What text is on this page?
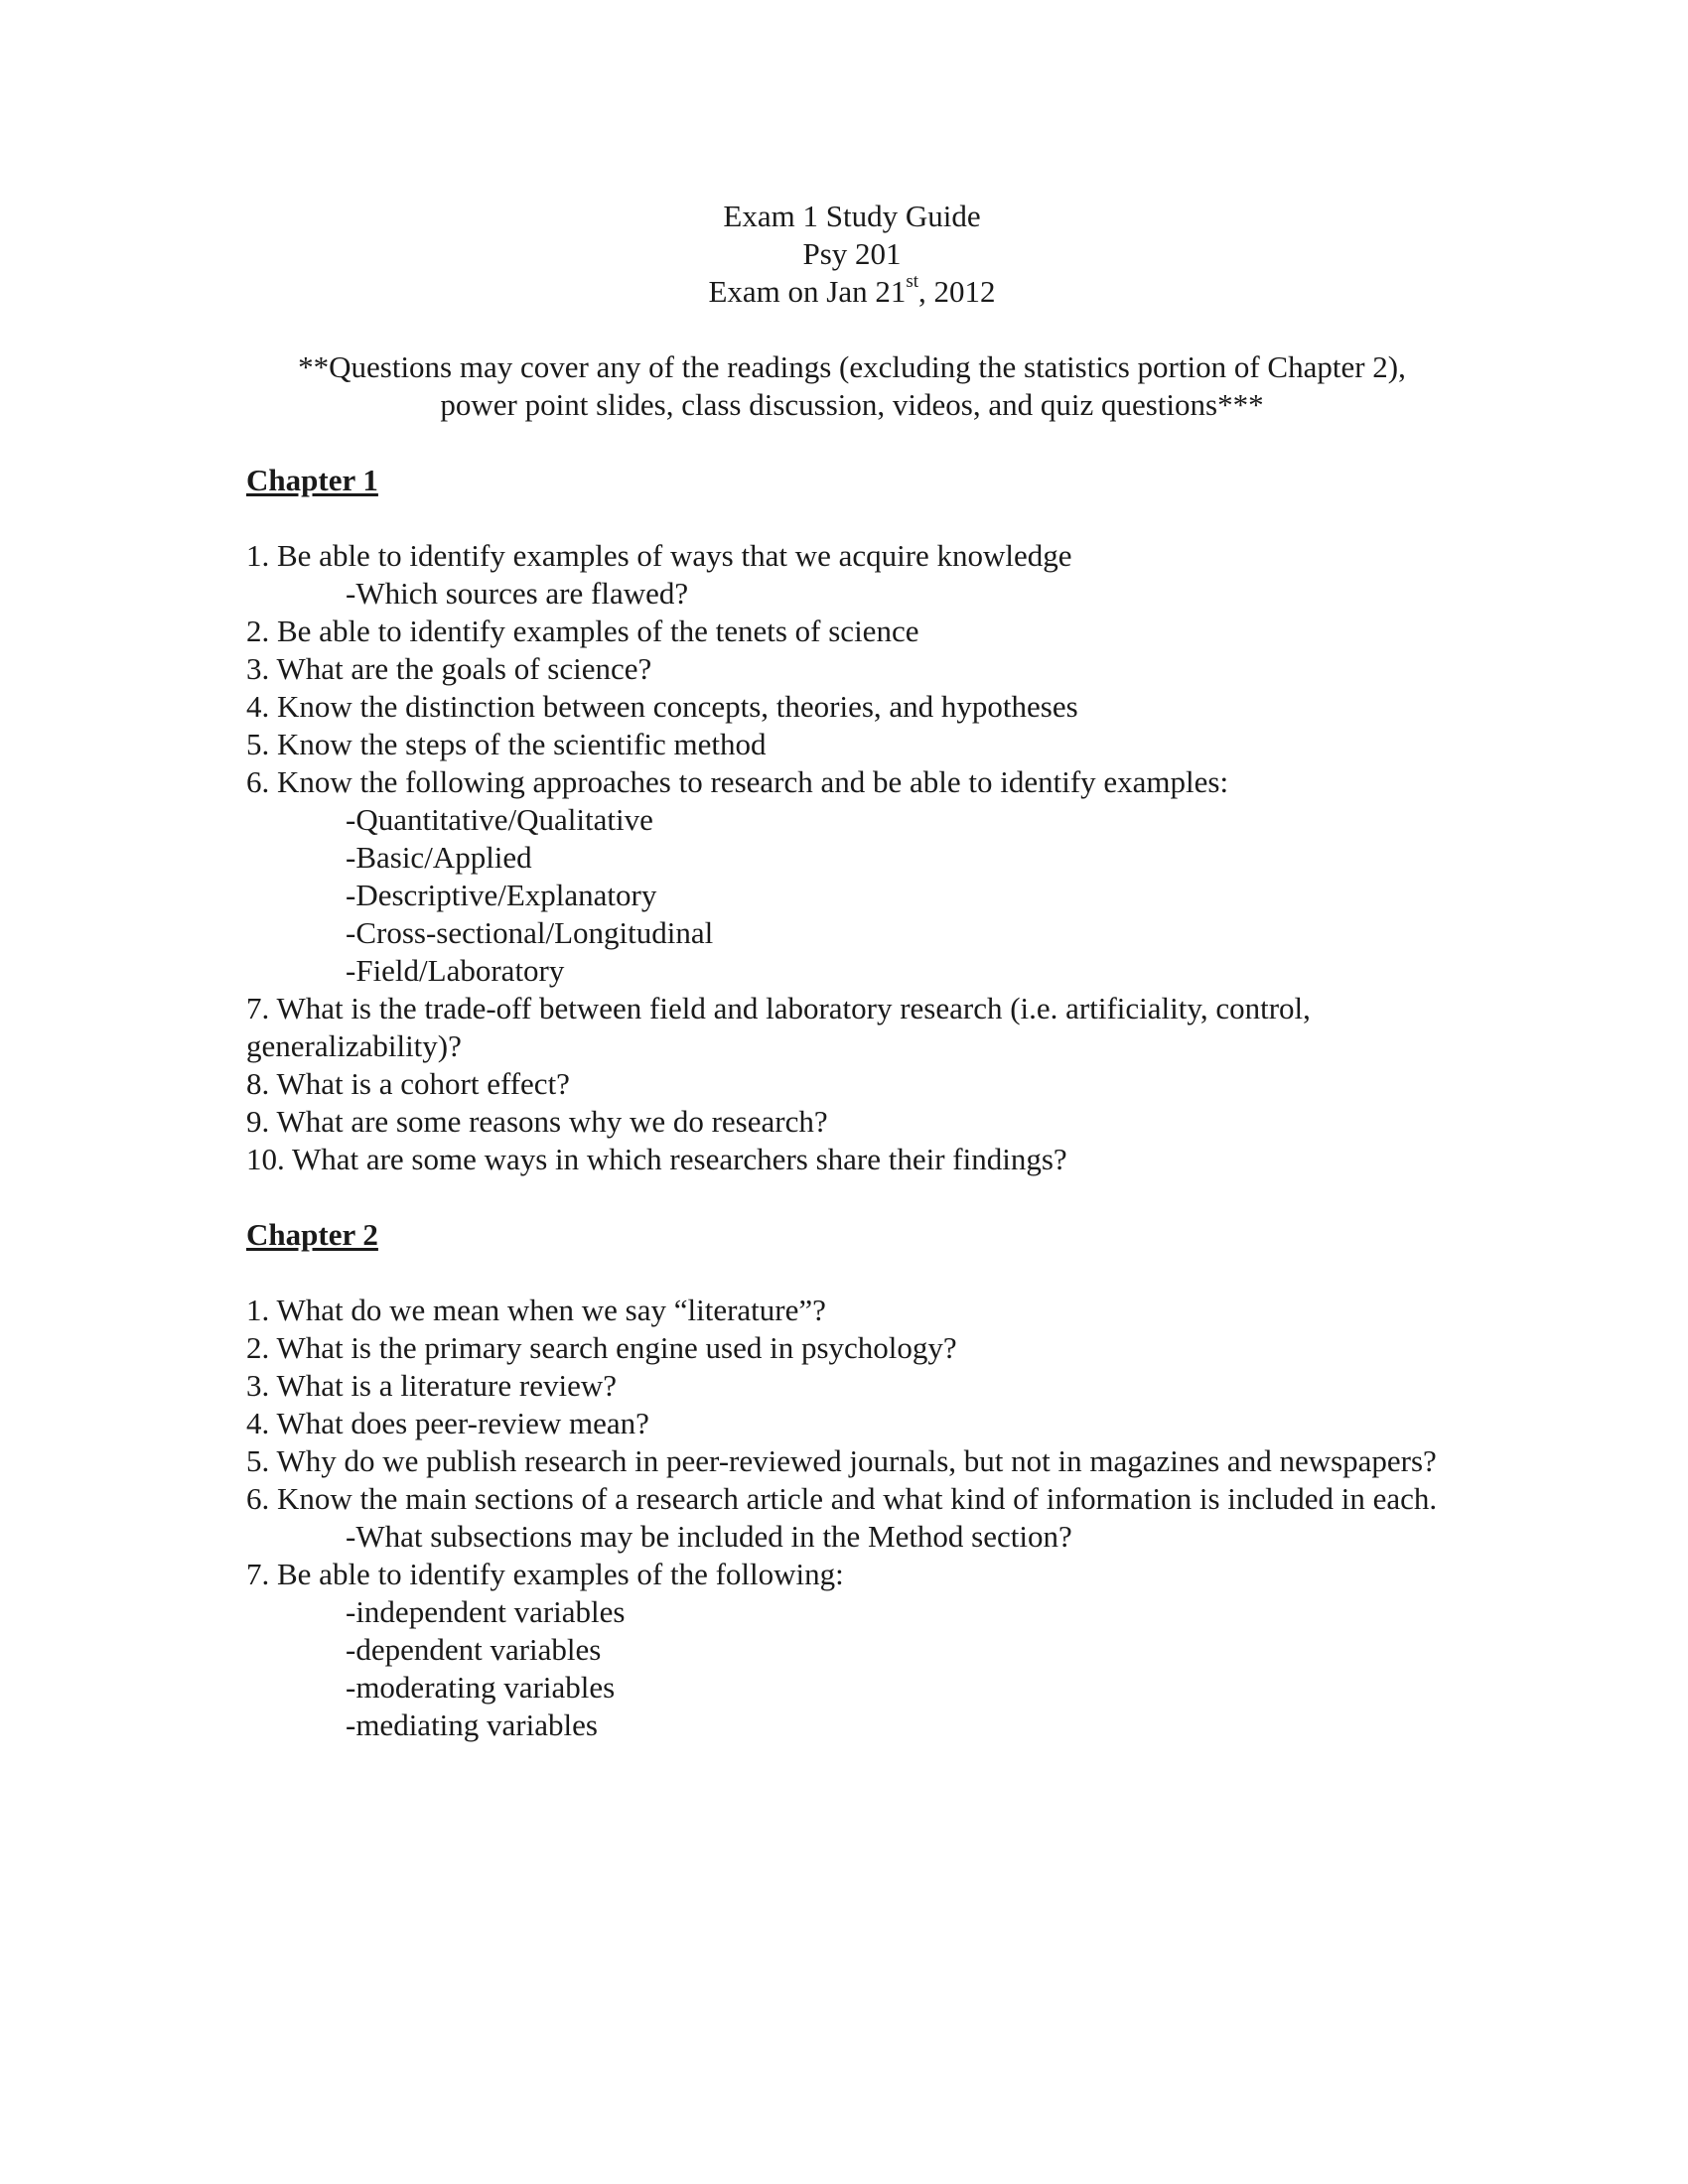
Exam 1 Study Guide
Psy 201
Exam on Jan 21st, 2012
**Questions may cover any of the readings (excluding the statistics portion of Chapter 2),
power point slides, class discussion, videos, and quiz questions***
Chapter 1
1. Be able to identify examples of ways that we acquire knowledge
-Which sources are flawed?
2. Be able to identify examples of the tenets of science
3. What are the goals of science?
4. Know the distinction between concepts, theories, and hypotheses
5. Know the steps of the scientific method
6. Know the following approaches to research and be able to identify examples:
-Quantitative/Qualitative
-Basic/Applied
-Descriptive/Explanatory
-Cross-sectional/Longitudinal
-Field/Laboratory
7. What is the trade-off between field and laboratory research (i.e. artificiality, control, generalizability)?
8. What is a cohort effect?
9. What are some reasons why we do research?
10. What are some ways in which researchers share their findings?
Chapter 2
1. What do we mean when we say “literature”?
2. What is the primary search engine used in psychology?
3. What is a literature review?
4. What does peer-review mean?
5. Why do we publish research in peer-reviewed journals, but not in magazines and newspapers?
6. Know the main sections of a research article and what kind of information is included in each.
-What subsections may be included in the Method section?
7. Be able to identify examples of the following:
-independent variables
-dependent variables
-moderating variables
-mediating variables
